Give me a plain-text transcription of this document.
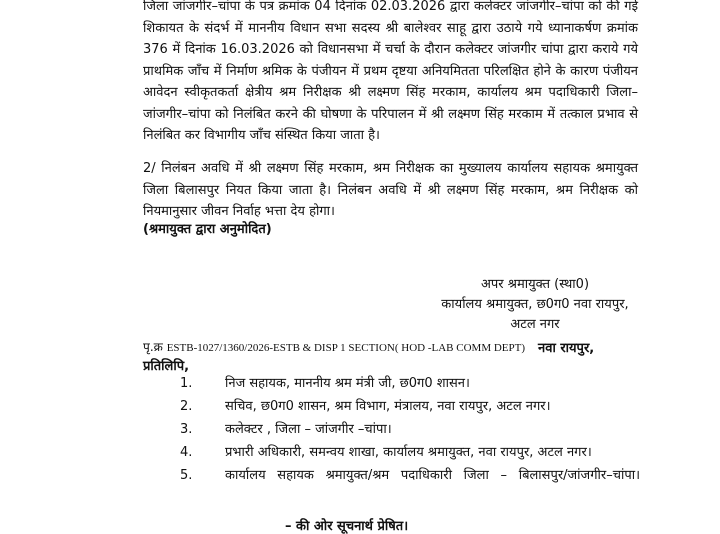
जिला जांजगीर–चांपा के पत्र क्रमांक 04 दिनांक 02.03.2026 द्वारा कलेक्टर जांजगीर–चांपा को की गई शिकायत के संदर्भ में माननीय विधान सभा सदस्य श्री बालेश्वर साहू द्वारा उठाये गये ध्यानाकर्षण क्रमांक 376 में दिनांक 16.03.2026 को विधानसभा में चर्चा के दौरान कलेक्टर जांजगीर चांपा द्वारा कराये गये प्राथमिक जाँच में निर्माण श्रमिक के पंजीयन में प्रथम दृष्टया अनियमितता परिलक्षित होने के कारण पंजीयन आवेदन स्वीकृतकर्ता क्षेत्रीय श्रम निरीक्षक श्री लक्ष्मण सिंह मरकाम, कार्यालय श्रम पदाधिकारी जिला– जांजगीर–चांपा को निलंबित करने की घोषणा के परिपालन में श्री लक्ष्मण सिंह मरकाम में तत्काल प्रभाव से निलंबित कर विभागीय जाँच संस्थित किया जाता है।

2/ निलंबन अवधि में श्री लक्ष्मण सिंह मरकाम, श्रम निरीक्षक का मुख्यालय कार्यालय सहायक श्रमायुक्त जिला बिलासपुर नियत किया जाता है। निलंबन अवधि में श्री लक्ष्मण सिंह मरकाम, श्रम निरीक्षक को नियमानुसार जीवन निर्वाह भत्ता देय होगा।

(श्रमायुक्त द्वारा अनुमोदित)

अपर श्रमायुक्त (स्था0)
कार्यालय श्रमायुक्त, छ0ग0 नवा रायपुर,
अटल नगर
पृ.क्र ESTB-1027/1360/2026-ESTB & DISP 1 SECTION( HOD -LAB COMM DEPT) नवा रायपुर,
प्रतिलिपि,
1.	निज सहायक, माननीय श्रम मंत्री जी, छ0ग0 शासन।
2.	सचिव, छ0ग0 शासन, श्रम विभाग, मंत्रालय, नवा रायपुर, अटल नगर।
3.	कलेक्टर , जिला – जांजगीर –चांपा।
4.	प्रभारी अधिकारी, समन्वय शाखा, कार्यालय श्रमायुक्त, नवा रायपुर, अटल नगर।
5.	कार्यालय सहायक श्रमायुक्त/श्रम पदाधिकारी जिला – बिलासपुर/जांजगीर–चांपा।
– की ओर सूचनार्थ प्रेषित।
